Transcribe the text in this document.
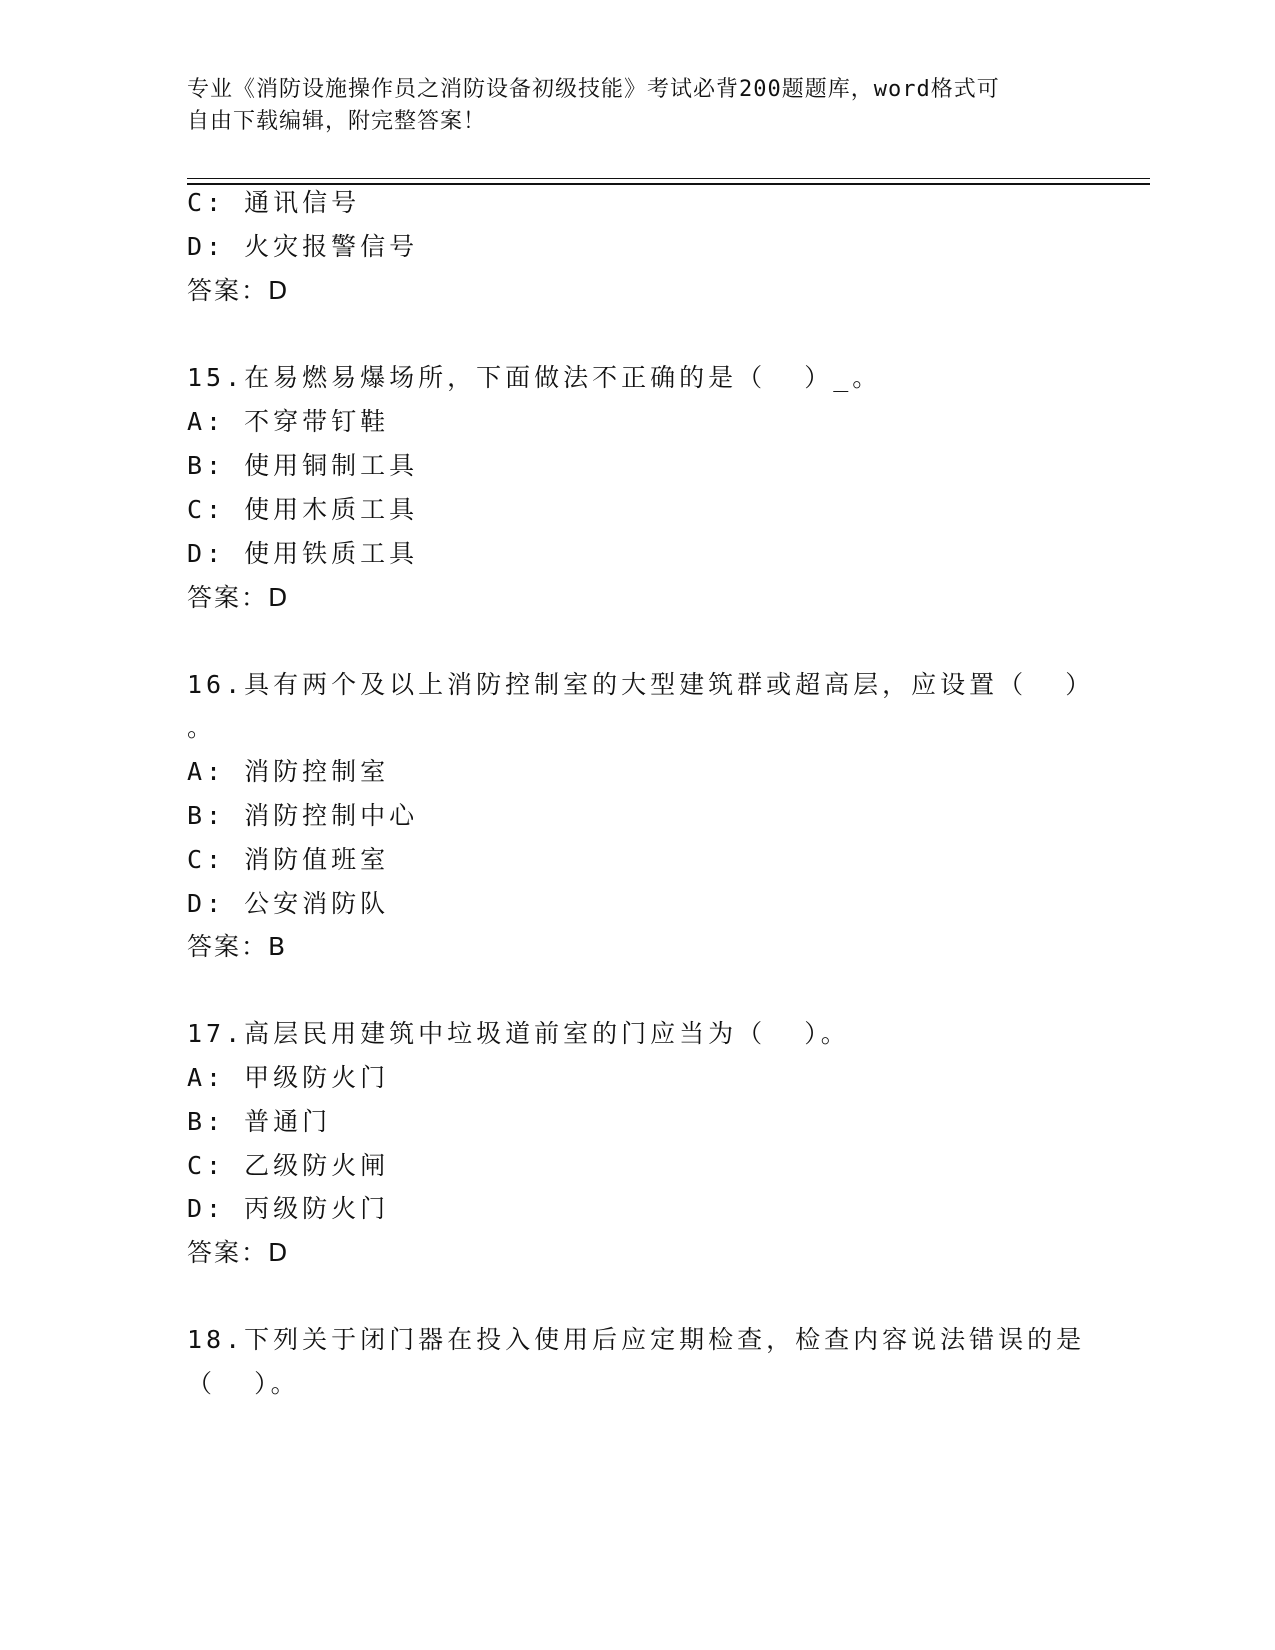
专业《消防设施操作员之消防设备初级技能》考试必背200题题库，word格式可
自由下载编辑，附完整答案！
C: 通讯信号
D: 火灾报警信号
答案：D
15.在易燃易爆场所，下面做法不正确的是（  ）_。
A: 不穿带钉鞋
B: 使用铜制工具
C: 使用木质工具
D: 使用铁质工具
答案：D
16.具有两个及以上消防控制室的大型建筑群或超高层，应设置（  ）
。
A: 消防控制室
B: 消防控制中心
C: 消防值班室
D: 公安消防队
答案：B
17.高层民用建筑中垃圾道前室的门应当为（  ）。
A: 甲级防火门
B: 普通门
C: 乙级防火闸
D: 丙级防火门
答案：D
18.下列关于闭门器在投入使用后应定期检查，检查内容说法错误的是
（  ）。
